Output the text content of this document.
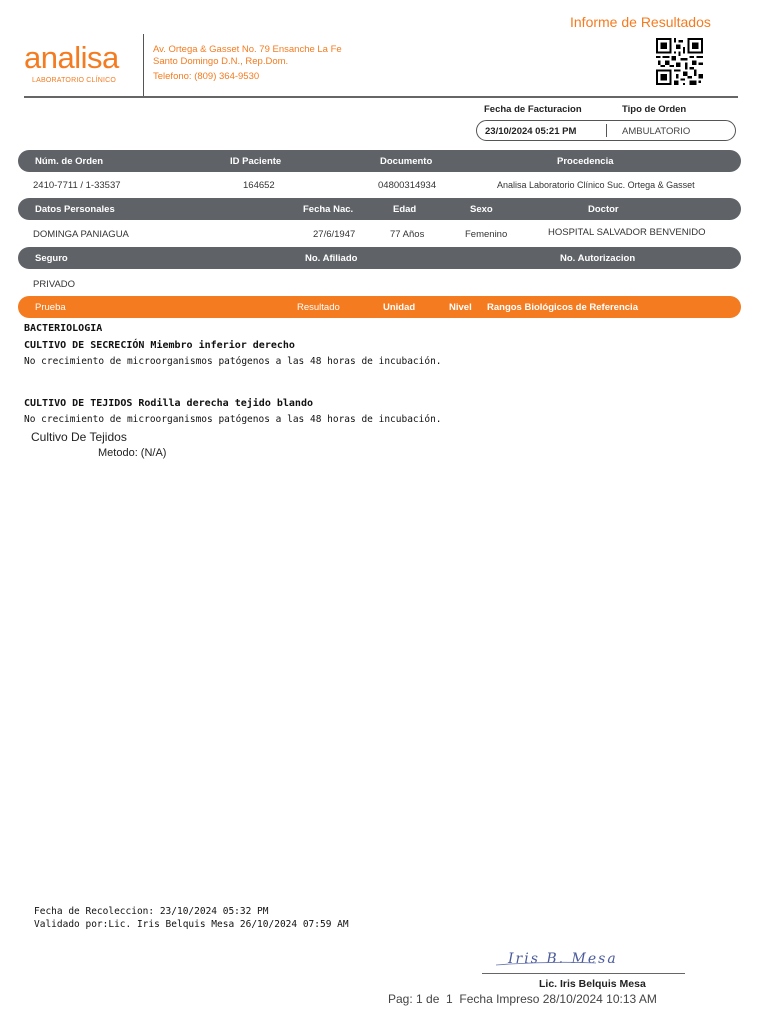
Informe de Resultados
analisa
LABORATORIO CLÍNICO
Av. Ortega & Gasset No. 79 Ensanche La Fe
Santo Domingo D.N., Rep.Dom.
Telefono: (809) 364-9530
Fecha de Facturacion	Tipo de Orden
23/10/2024 05:21 PM	AMBULATORIO
Núm. de Orden	ID Paciente	Documento	Procedencia
2410-7711 / 1-33537	164652	04800314934	Analisa Laboratorio Clínico Suc. Ortega & Gasset
Datos Personales	Fecha Nac.	Edad	Sexo	Doctor
DOMINGA PANIAGUA	27/6/1947	77 Años	Femenino	HOSPITAL SALVADOR BENVENIDO
Seguro	No. Afiliado	No. Autorizacion
PRIVADO
Prueba	Resultado	Unidad	Nivel Rangos Biológicos de Referencia
BACTERIOLOGIA
CULTIVO DE SECRECIÓN Miembro inferior derecho
No crecimiento de microorganismos patógenos a las 48 horas de incubación.
CULTIVO DE TEJIDOS Rodilla derecha tejido blando
No crecimiento de microorganismos patógenos a las 48 horas de incubación.
Cultivo De Tejidos
Metodo: (N/A)
Fecha de Recoleccion: 23/10/2024 05:32 PM
Validado por:Lic. Iris Belquis Mesa 26/10/2024 07:59 AM
Iris B. Mesa
Lic. Iris Belquis Mesa
Pag: 1 de  1  Fecha Impreso 28/10/2024 10:13 AM
